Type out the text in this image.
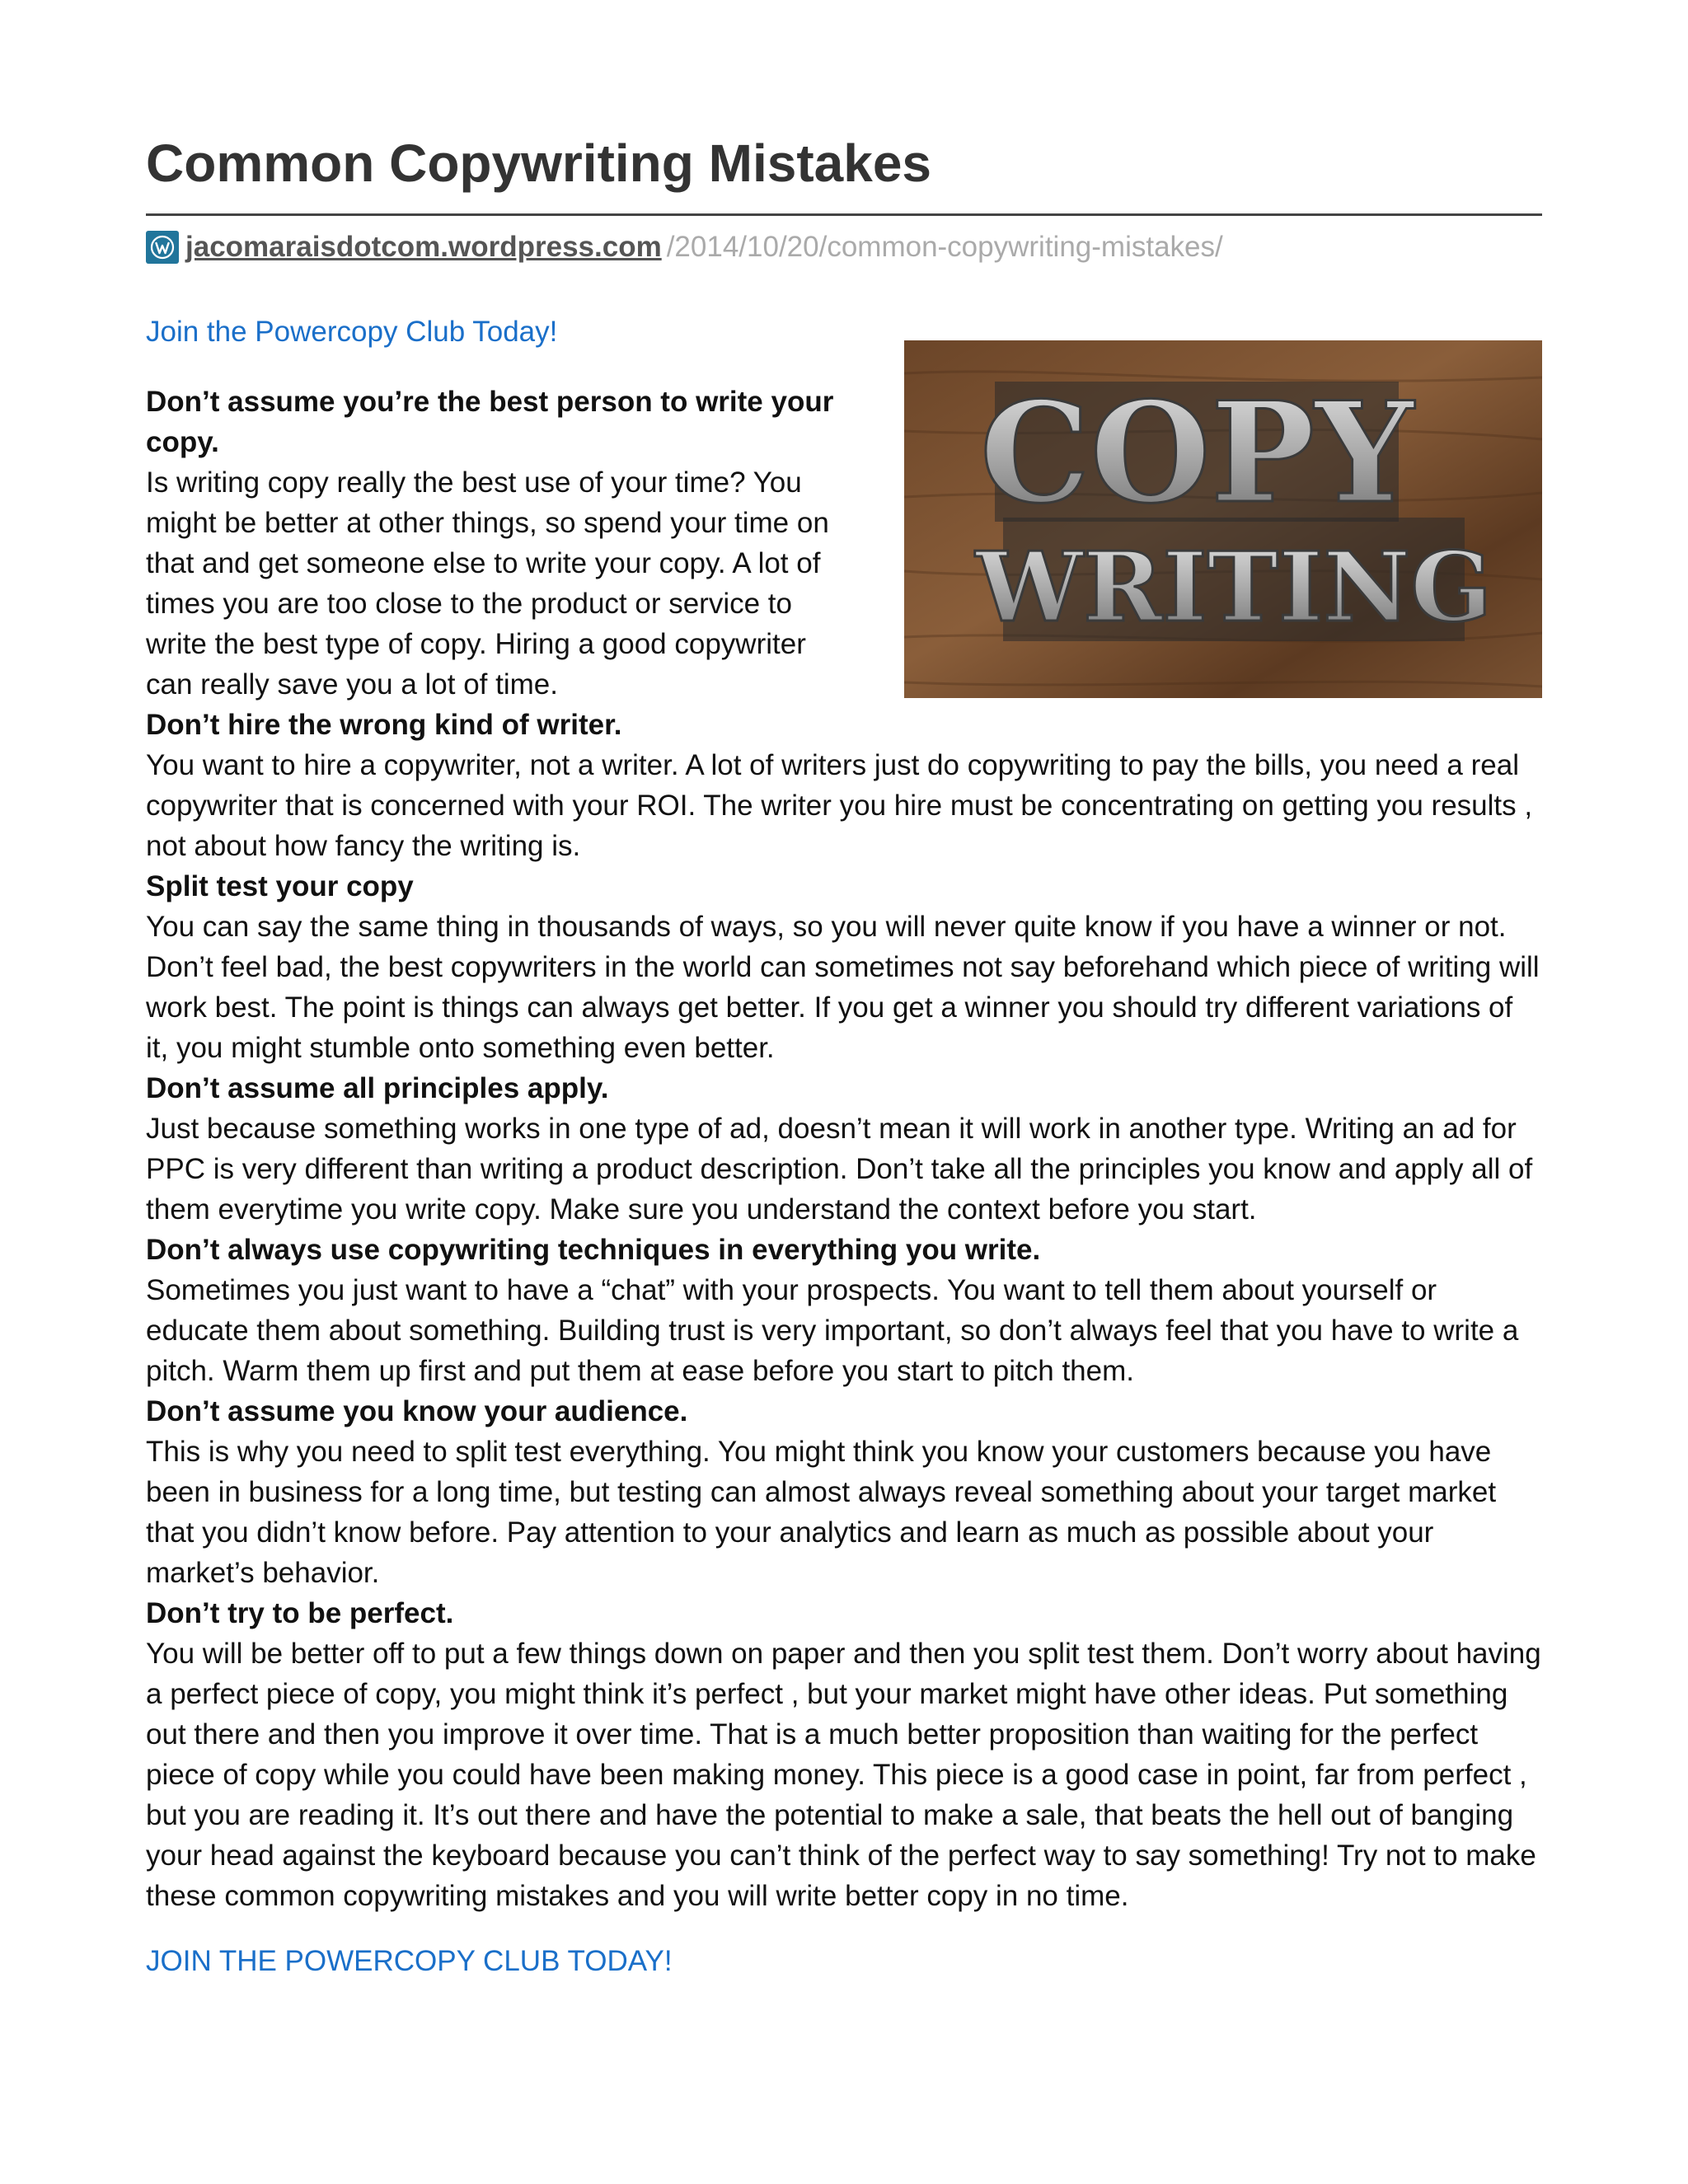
Common Copywriting Mistakes
jacomaraisdotcom.wordpress.com /2014/10/20/common-copywriting-mistakes/
Join the Powercopy Club Today!
COPY
WRITING

Don’t assume you’re the best person to write your copy.

Is writing copy really the best use of your time? You might be better at other things, so spend your time on that and get someone else to write your copy. A lot of times you are too close to the product or service to write the best type of copy. Hiring a good copywriter can really save you a lot of time.

Don’t hire the wrong kind of writer.

You want to hire a copywriter, not a writer. A lot of writers just do copywriting to pay the bills, you need a real copywriter that is concerned with your ROI. The writer you hire must be concentrating on getting you results , not about how fancy the writing is.

Split test your copy

You can say the same thing in thousands of ways, so you will never quite know if you have a winner or not. Don’t feel bad, the best copywriters in the world can sometimes not say beforehand which piece of writing will work best. The point is things can always get better. If you get a winner you should try different variations of it, you might stumble onto something even better.

Don’t assume all principles apply.

Just because something works in one type of ad, doesn’t mean it will work in another type. Writing an ad for PPC is very different than writing a product description. Don’t take all the principles you know and apply all of them everytime you write copy. Make sure you understand the context before you start.

Don’t always use copywriting techniques in everything you write.

Sometimes you just want to have a “chat” with your prospects. You want to tell them about yourself or educate them about something. Building trust is very important, so don’t always feel that you have to write a pitch. Warm them up first and put them at ease before you start to pitch them.

Don’t assume you know your audience.

This is why you need to split test everything. You might think you know your customers because you have been in business for a long time, but testing can almost always reveal something about your target market that you didn’t know before. Pay attention to your analytics and learn as much as possible about your market’s behavior.

Don’t try to be perfect.

You will be better off to put a few things down on paper and then you split test them. Don’t worry about having a perfect piece of copy, you might think it’s perfect , but your market might have other ideas. Put something out there and then you improve it over time. That is a much better proposition than waiting for the perfect piece of copy while you could have been making money. This piece is a good case in point, far from perfect , but you are reading it. It’s out there and have the potential to make a sale, that beats the hell out of banging your head against the keyboard because you can’t think of the perfect way to say something! Try not to make these common copywriting mistakes and you will write better copy in no time.

JOIN THE POWERCOPY CLUB TODAY!
